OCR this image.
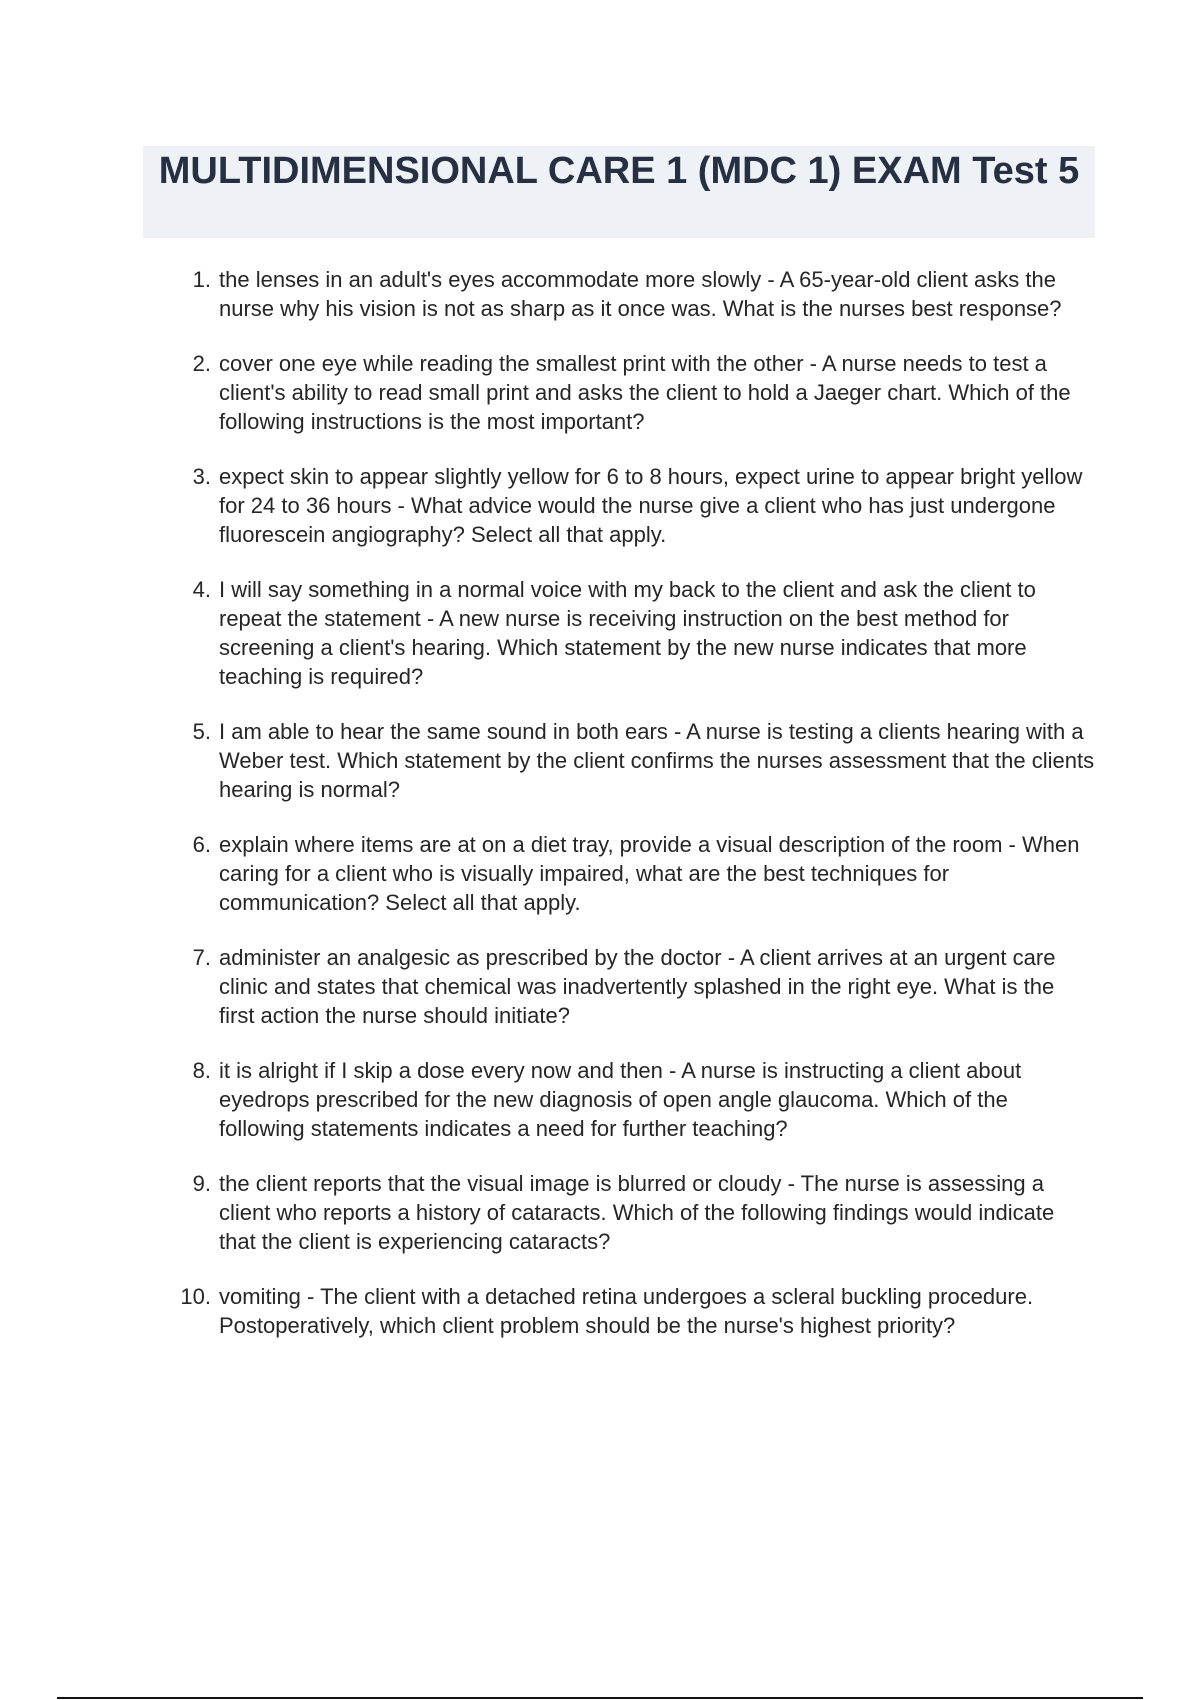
MULTIDIMENSIONAL CARE 1 (MDC 1) EXAM Test 5
1. the lenses in an adult's eyes accommodate more slowly - A 65-year-old client asks the nurse why his vision is not as sharp as it once was. What is the nurses best response?
2. cover one eye while reading the smallest print with the other - A nurse needs to test a client's ability to read small print and asks the client to hold a Jaeger chart. Which of the following instructions is the most important?
3. expect skin to appear slightly yellow for 6 to 8 hours, expect urine to appear bright yellow for 24 to 36 hours - What advice would the nurse give a client who has just undergone fluorescein angiography? Select all that apply.
4. I will say something in a normal voice with my back to the client and ask the client to repeat the statement - A new nurse is receiving instruction on the best method for screening a client's hearing. Which statement by the new nurse indicates that more teaching is required?
5. I am able to hear the same sound in both ears - A nurse is testing a clients hearing with a Weber test. Which statement by the client confirms the nurses assessment that the clients hearing is normal?
6. explain where items are at on a diet tray, provide a visual description of the room - When caring for a client who is visually impaired, what are the best techniques for communication? Select all that apply.
7. administer an analgesic as prescribed by the doctor - A client arrives at an urgent care clinic and states that chemical was inadvertently splashed in the right eye. What is the first action the nurse should initiate?
8. it is alright if I skip a dose every now and then - A nurse is instructing a client about eyedrops prescribed for the new diagnosis of open angle glaucoma. Which of the following statements indicates a need for further teaching?
9. the client reports that the visual image is blurred or cloudy - The nurse is assessing a client who reports a history of cataracts. Which of the following findings would indicate that the client is experiencing cataracts?
10. vomiting - The client with a detached retina undergoes a scleral buckling procedure. Postoperatively, which client problem should be the nurse's highest priority?
